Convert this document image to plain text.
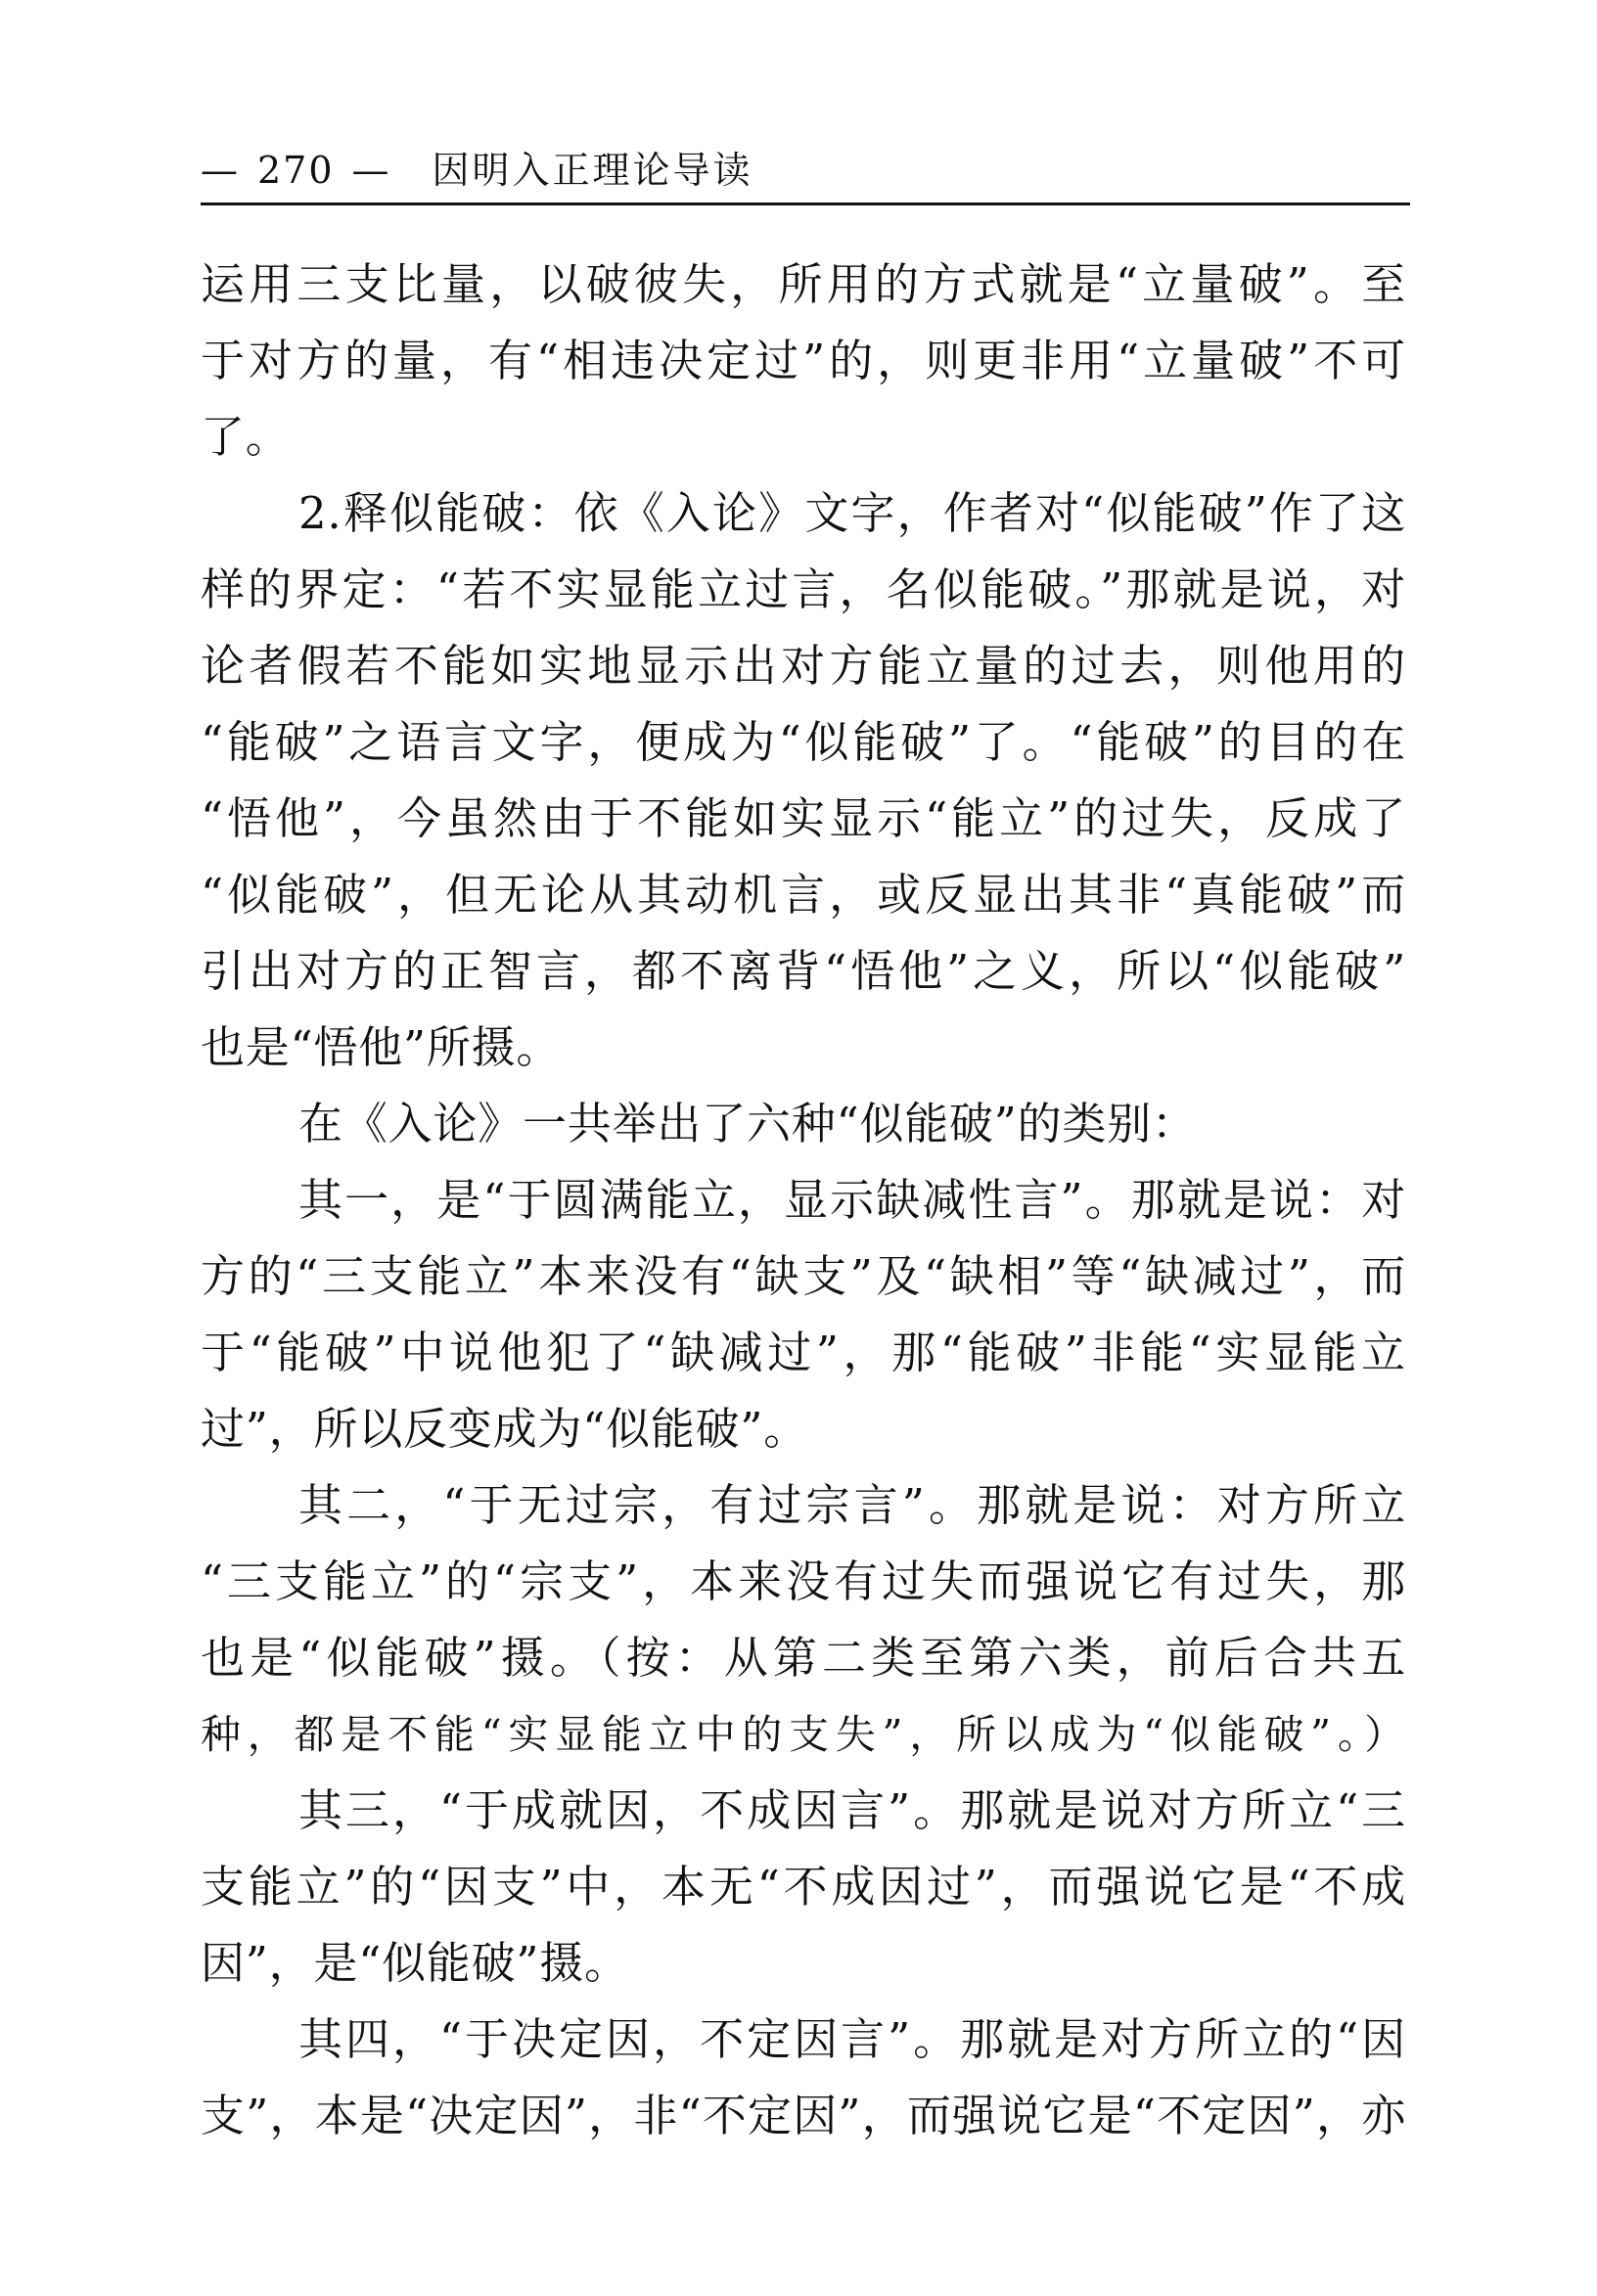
— 270 — 因明入正理论导读
运用三支比量，以破彼失，所用的方式就是“立量破”。至
于对方的量，有“相违决定过”的，则更非用“立量破”不可
了。
2.释似能破：依《入论》文字，作者对“似能破”作了这
样的界定：“若不实显能立过言，名似能破。”那就是说，对
论者假若不能如实地显示出对方能立量的过去，则他用的
“能破”之语言文字，便成为“似能破”了。“能破”的目的在
“悟他”，今虽然由于不能如实显示“能立”的过失，反成了
“似能破”，但无论从其动机言，或反显出其非“真能破”而
引出对方的正智言，都不离背“悟他”之义，所以“似能破”
也是“悟他”所摄。
在《入论》一共举出了六种“似能破”的类别：
其一，是“于圆满能立，显示缺减性言”。那就是说：对
方的“三支能立”本来没有“缺支”及“缺相”等“缺减过”，而
于“能破”中说他犯了“缺减过”，那“能破”非能“实显能立
过”，所以反变成为“似能破”。
其二，“于无过宗，有过宗言”。那就是说：对方所立
“三支能立”的“宗支”，本来没有过失而强说它有过失，那
也是“似能破”摄。（按：从第二类至第六类，前后合共五
种，都是不能“实显能立中的支失”，所以成为“似能破”。）
其三，“于成就因，不成因言”。那就是说对方所立“三
支能立”的“因支”中，本无“不成因过”，而强说它是“不成
因”，是“似能破”摄。
其四，“于决定因，不定因言”。那就是对方所立的“因
支”，本是“决定因”，非“不定因”，而强说它是“不定因”，亦
